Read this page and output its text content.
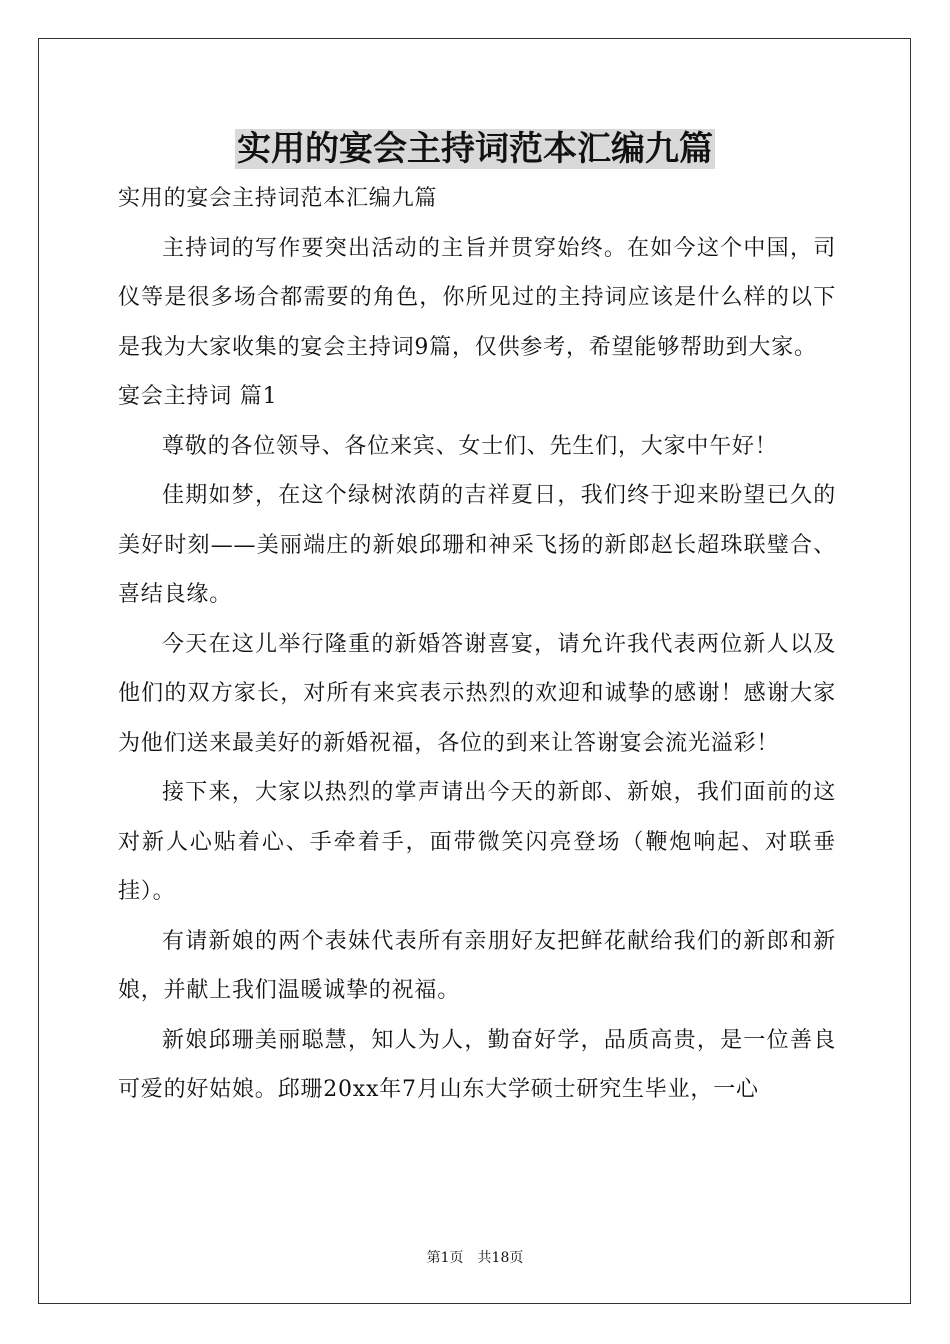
实用的宴会主持词范本汇编九篇

实用的宴会主持词范本汇编九篇

主持词的写作要突出活动的主旨并贯穿始终。在如今这个中国，司仪等是很多场合都需要的角色，你所见过的主持词应该是什么样的以下是我为大家收集的宴会主持词9篇，仅供参考，希望能够帮助到大家。

宴会主持词 篇1

尊敬的各位领导、各位来宾、女士们、先生们，大家中午好！

佳期如梦，在这个绿树浓荫的吉祥夏日，我们终于迎来盼望已久的美好时刻——美丽端庄的新娘邱珊和神采飞扬的新郎赵长超珠联璧合、喜结良缘。

今天在这儿举行隆重的新婚答谢喜宴，请允许我代表两位新人以及他们的双方家长，对所有来宾表示热烈的欢迎和诚挚的感谢！感谢大家为他们送来最美好的新婚祝福，各位的到来让答谢宴会流光溢彩！

接下来，大家以热烈的掌声请出今天的新郎、新娘，我们面前的这对新人心贴着心、手牵着手，面带微笑闪亮登场（鞭炮响起、对联垂挂）。

有请新娘的两个表妹代表所有亲朋好友把鲜花献给我们的新郎和新娘，并献上我们温暖诚挚的祝福。

新娘邱珊美丽聪慧，知人为人，勤奋好学，品质高贵，是一位善良可爱的好姑娘。邱珊20xx年7月山东大学硕士研究生毕业，一心

第1页　共18页
